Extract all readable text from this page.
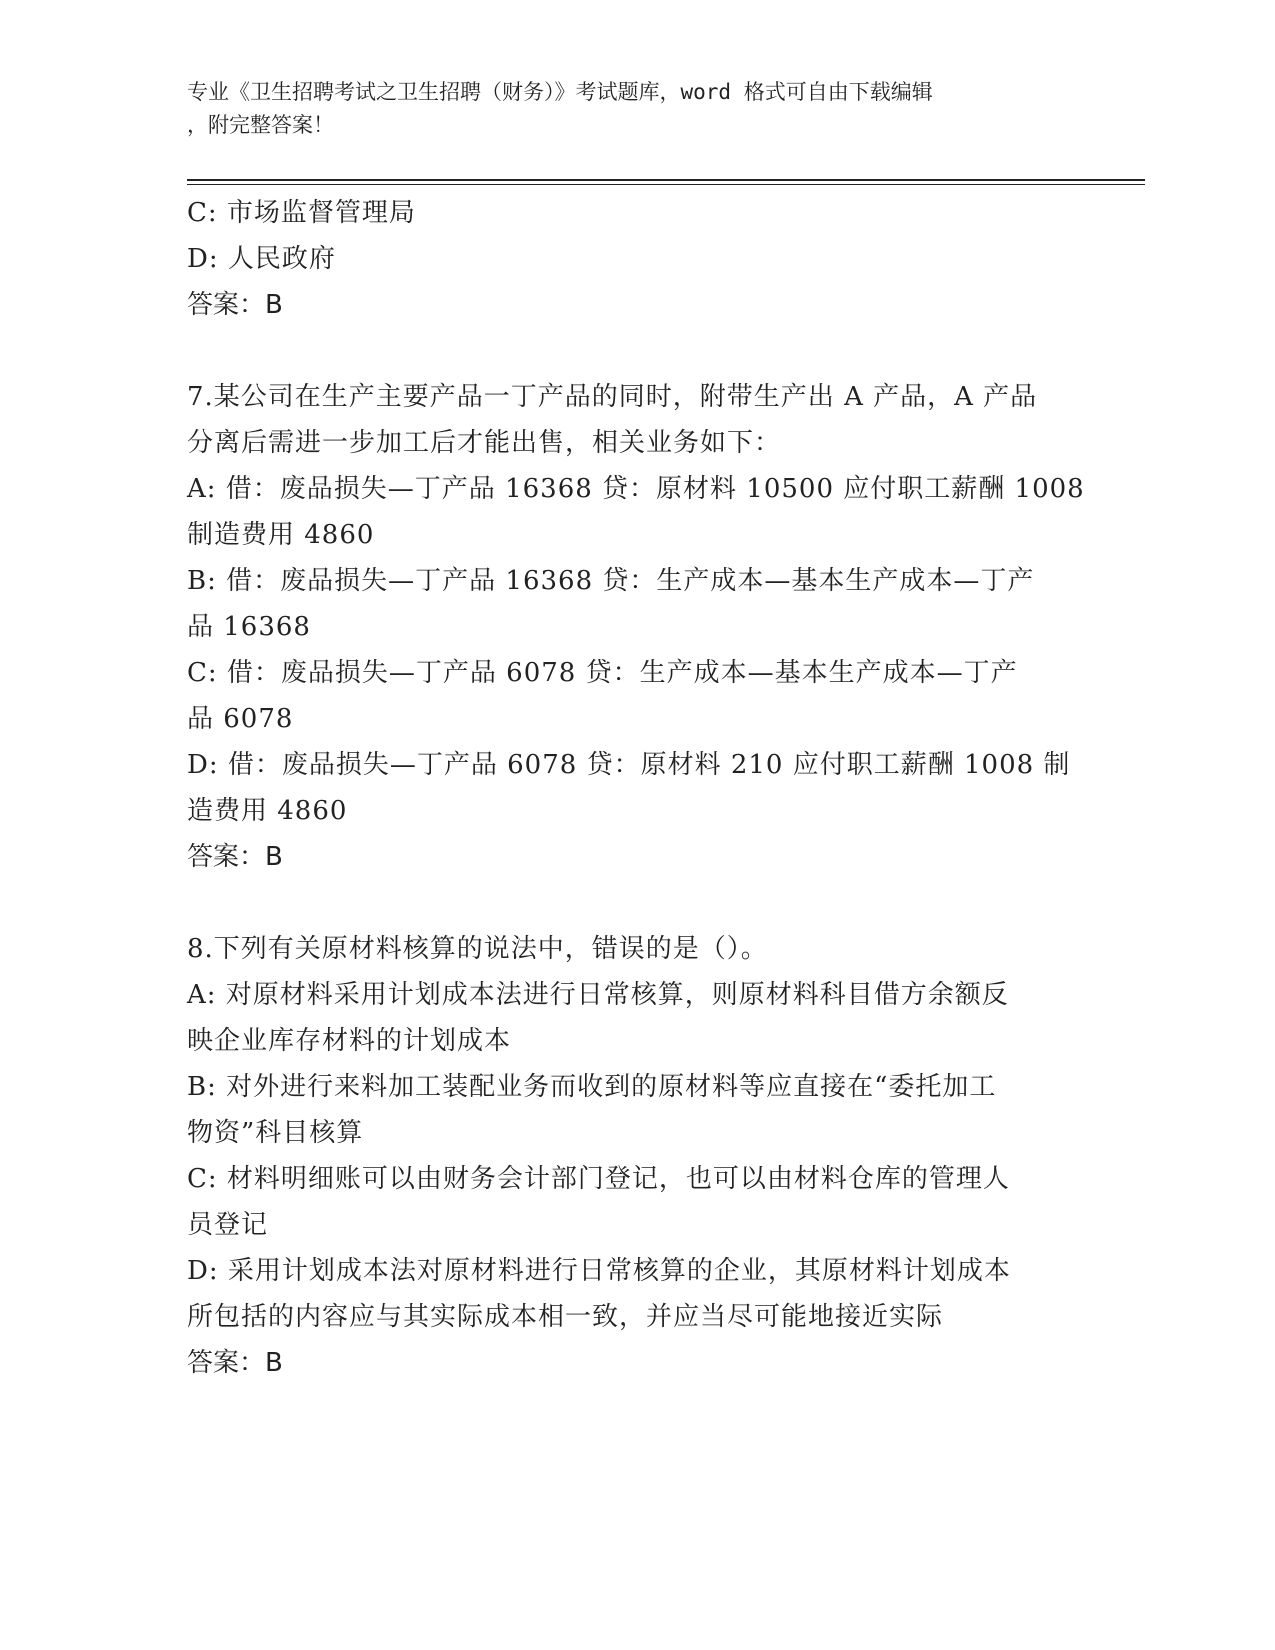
专业《卫生招聘考试之卫生招聘（财务）》考试题库，word 格式可自由下载编辑
，附完整答案！
C: 市场监督管理局
D: 人民政府
答案：B
7.某公司在生产主要产品一丁产品的同时，附带生产出 A 产品，A 产品
分离后需进一步加工后才能出售，相关业务如下：
A: 借：废品损失—丁产品 16368 贷：原材料 10500 应付职工薪酬 1008
制造费用 4860
B: 借：废品损失—丁产品 16368 贷：生产成本—基本生产成本—丁产
品 16368
C: 借：废品损失—丁产品 6078 贷：生产成本—基本生产成本—丁产
品 6078
D: 借：废品损失—丁产品 6078 贷：原材料 210 应付职工薪酬 1008 制
造费用 4860
答案：B
8.下列有关原材料核算的说法中，错误的是（）。
A: 对原材料采用计划成本法进行日常核算，则原材料科目借方余额反
映企业库存材料的计划成本
B: 对外进行来料加工装配业务而收到的原材料等应直接在“委托加工
物资”科目核算
C: 材料明细账可以由财务会计部门登记，也可以由材料仓库的管理人
员登记
D: 采用计划成本法对原材料进行日常核算的企业，其原材料计划成本
所包括的内容应与其实际成本相一致，并应当尽可能地接近实际
答案：B
